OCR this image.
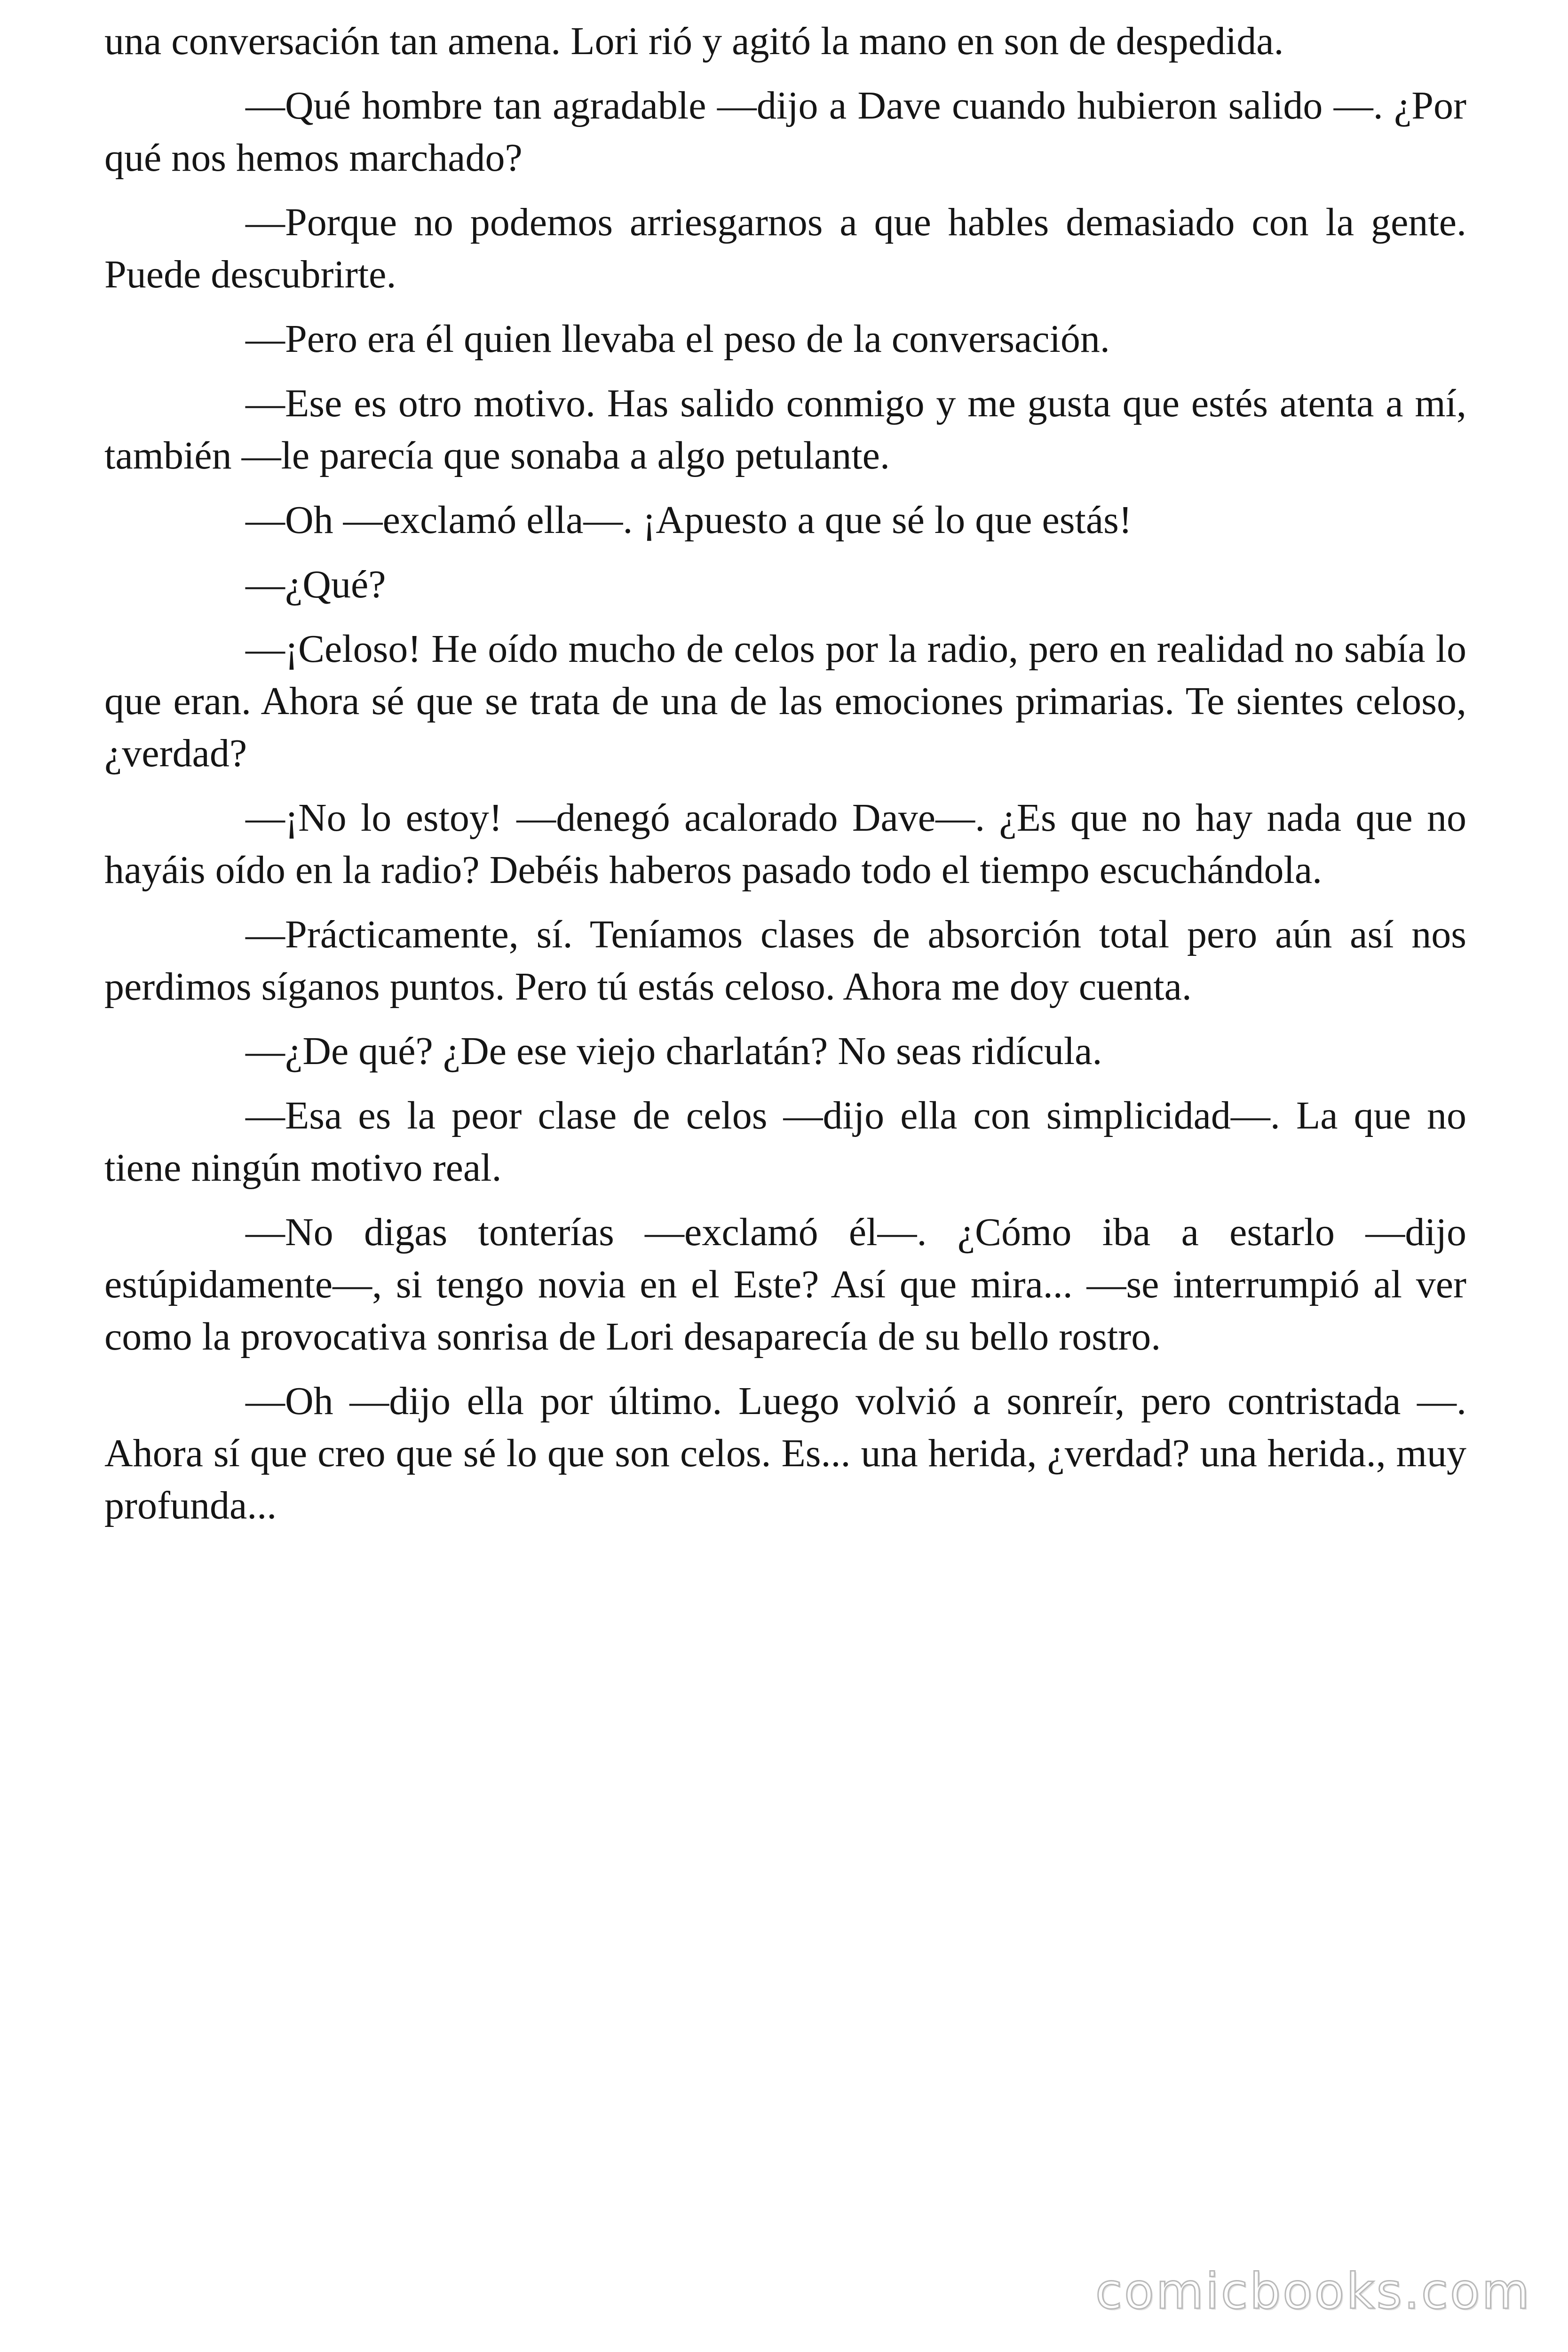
una conversación tan amena. Lori rió y agitó la mano en son de despedida.

—Qué hombre tan agradable —dijo a Dave cuando hubieron salido —. ¿Por qué nos hemos marchado?

—Porque no podemos arriesgarnos a que hables demasiado con la gente. Puede descubrirte.

—Pero era él quien llevaba el peso de la conversación.

—Ese es otro motivo. Has salido conmigo y me gusta que estés atenta a mí, también —le parecía que sonaba a algo petulante.

—Oh —exclamó ella—. ¡Apuesto a que sé lo que estás!

—¿Qué?

—¡Celoso! He oído mucho de celos por la radio, pero en realidad no sabía lo que eran. Ahora sé que se trata de una de las emociones primarias. Te sientes celoso, ¿verdad?

—¡No lo estoy! —denegó acalorado Dave—. ¿Es que no hay nada que no hayáis oído en la radio? Debéis haberos pasado todo el tiempo escuchándola.

—Prácticamente, sí. Teníamos clases de absorción total pero aún así nos perdimos síganos puntos. Pero tú estás celoso. Ahora me doy cuenta.

—¿De qué? ¿De ese viejo charlatán? No seas ridícula.

—Esa es la peor clase de celos —dijo ella con simplicidad—. La que no tiene ningún motivo real.

—No digas tonterías —exclamó él—. ¿Cómo iba a estarlo —dijo estúpidamente—, si tengo novia en el Este? Así que mira... —se interrumpió al ver como la provocativa sonrisa de Lori desaparecía de su bello rostro.

—Oh —dijo ella por último. Luego volvió a sonreír, pero contristada —. Ahora sí que creo que sé lo que son celos. Es... una herida, ¿verdad? una herida., muy profunda...

comicbooks.com
